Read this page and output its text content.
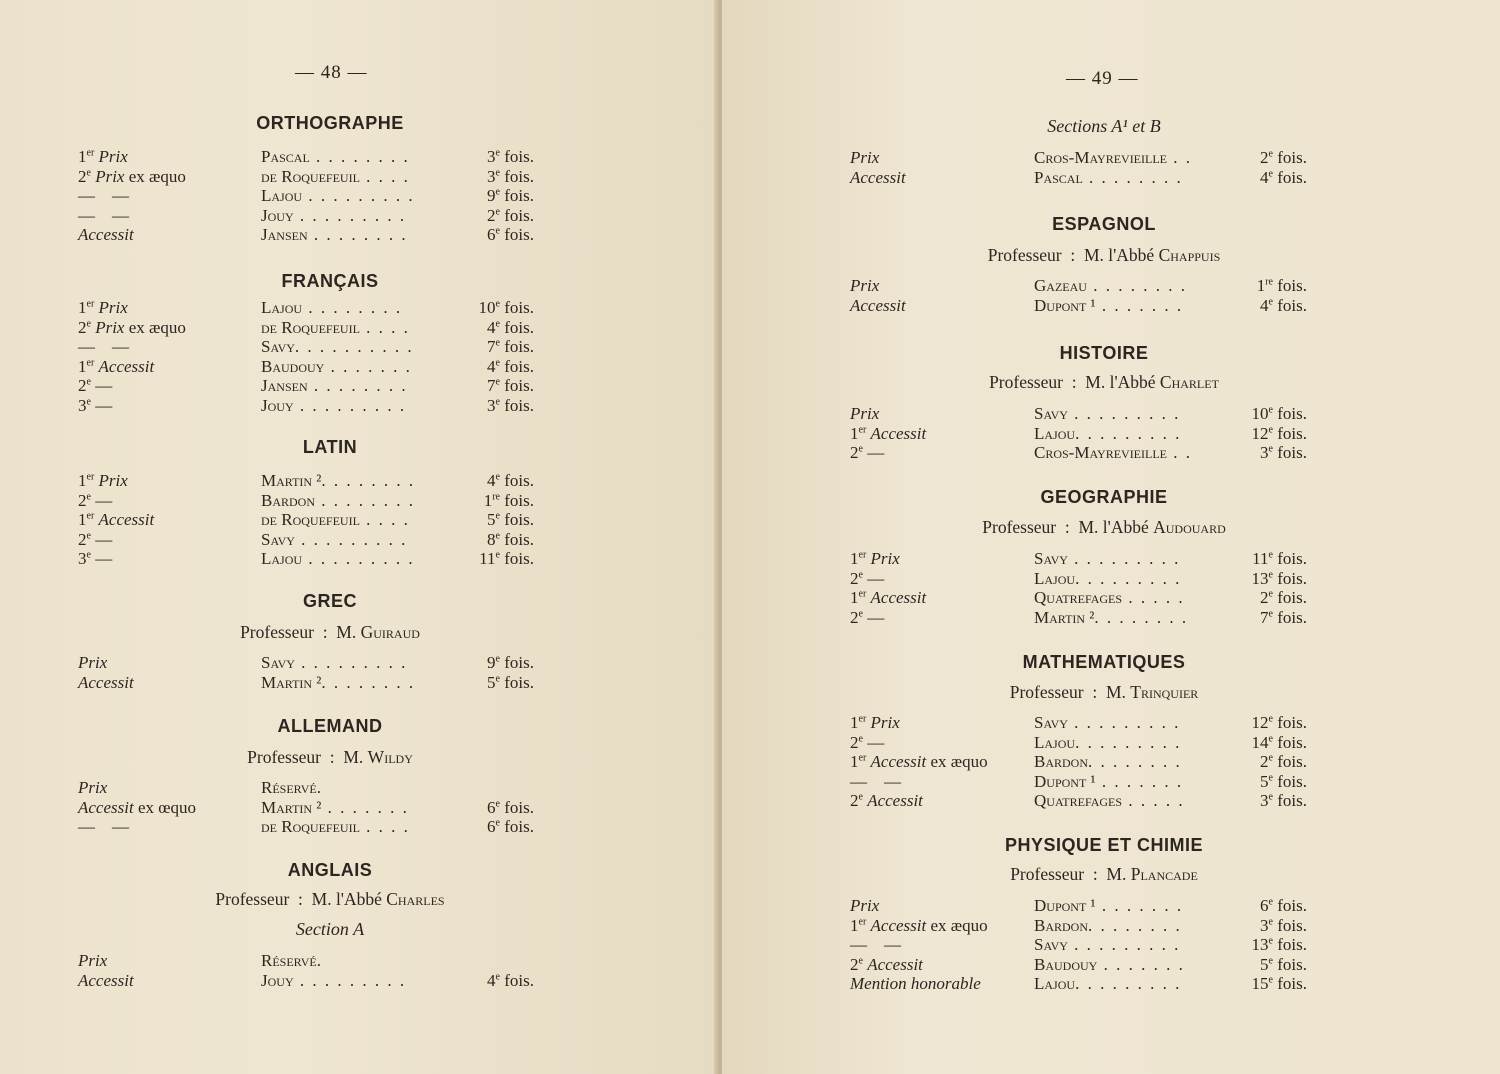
— 48 —
ORTHOGRAPHE
1er Prix	Pascal . . . . . . . .	3e fois.
2e Prix ex æquo	de Roquefeuil . . . .	3e fois.
—  —	Lajou . . . . . . . . .	9e fois.
—  —	Jouy . . . . . . . . .	2e fois.
Accessit	Jansen . . . . . . . .	6e fois.
FRANÇAIS
1er Prix	Lajou . . . . . . . .	10e fois.
2e Prix ex æquo	de Roquefeuil . . . .	4e fois.
—  —	Savy. . . . . . . . . .	7e fois.
1er Accessit	Baudouy . . . . . . .	4e fois.
2e —	Jansen . . . . . . . .	7e fois.
3e —	Jouy . . . . . . . . .	3e fois.
LATIN
1er Prix	Martin ². . . . . . . .	4e fois.
2e —	Bardon . . . . . . . .	1re fois.
1er Accessit	de Roquefeuil . . . .	5e fois.
2e —	Savy . . . . . . . . .	8e fois.
3e —	Lajou . . . . . . . . .	11e fois.
GREC
Professeur : M. Guiraud
Prix	Savy . . . . . . . . .	9e fois.
Accessit	Martin ². . . . . . . .	5e fois.
ALLEMAND
Professeur : M. Wildy
Prix	Réservé.
Accessit ex œquo	Martin ² . . . . . . .	6e fois.
—  —	de Roquefeuil . . . .	6e fois.
ANGLAIS
Professeur : M. l'Abbé Charles
Section A
Prix	Réservé.
Accessit	Jouy . . . . . . . . .	4e fois.
— 49 —
Sections A¹ et B
Prix	Cros-Mayrevieille . .	2e fois.
Accessit	Pascal . . . . . . . .	4e fois.
ESPAGNOL
Professeur : M. l'Abbé Chappuis
Prix	Gazeau . . . . . . . .	1re fois.
Accessit	Dupont ¹ . . . . . . .	4e fois.
HISTOIRE
Professeur : M. l'Abbé Charlet
Prix	Savy . . . . . . . . .	10e fois.
1er Accessit	Lajou. . . . . . . . .	12e fois.
2e —	Cros-Mayrevieille . .	3e fois.
GEOGRAPHIE
Professeur : M. l'Abbé Audouard
1er Prix	Savy . . . . . . . . .	11e fois.
2e —	Lajou. . . . . . . . .	13e fois.
1er Accessit	Quatrefages . . . . .	2e fois.
2e —	Martin ². . . . . . . .	7e fois.
MATHEMATIQUES
Professeur : M. Trinquier
1er Prix	Savy . . . . . . . . .	12e fois.
2e —	Lajou. . . . . . . . .	14e fois.
1er Accessit ex æquo	Bardon. . . . . . . .	2e fois.
—  —	Dupont ¹ . . . . . . .	5e fois.
2e Accessit	Quatrefages . . . . .	3e fois.
PHYSIQUE ET CHIMIE
Professeur : M. Plancade
Prix	Dupont ¹ . . . . . . .	6e fois.
1er Accessit ex æquo	Bardon. . . . . . . .	3e fois.
—  —	Savy . . . . . . . . .	13e fois.
2e Accessit	Baudouy . . . . . . .	5e fois.
Mention honorable	Lajou. . . . . . . . .	15e fois.
